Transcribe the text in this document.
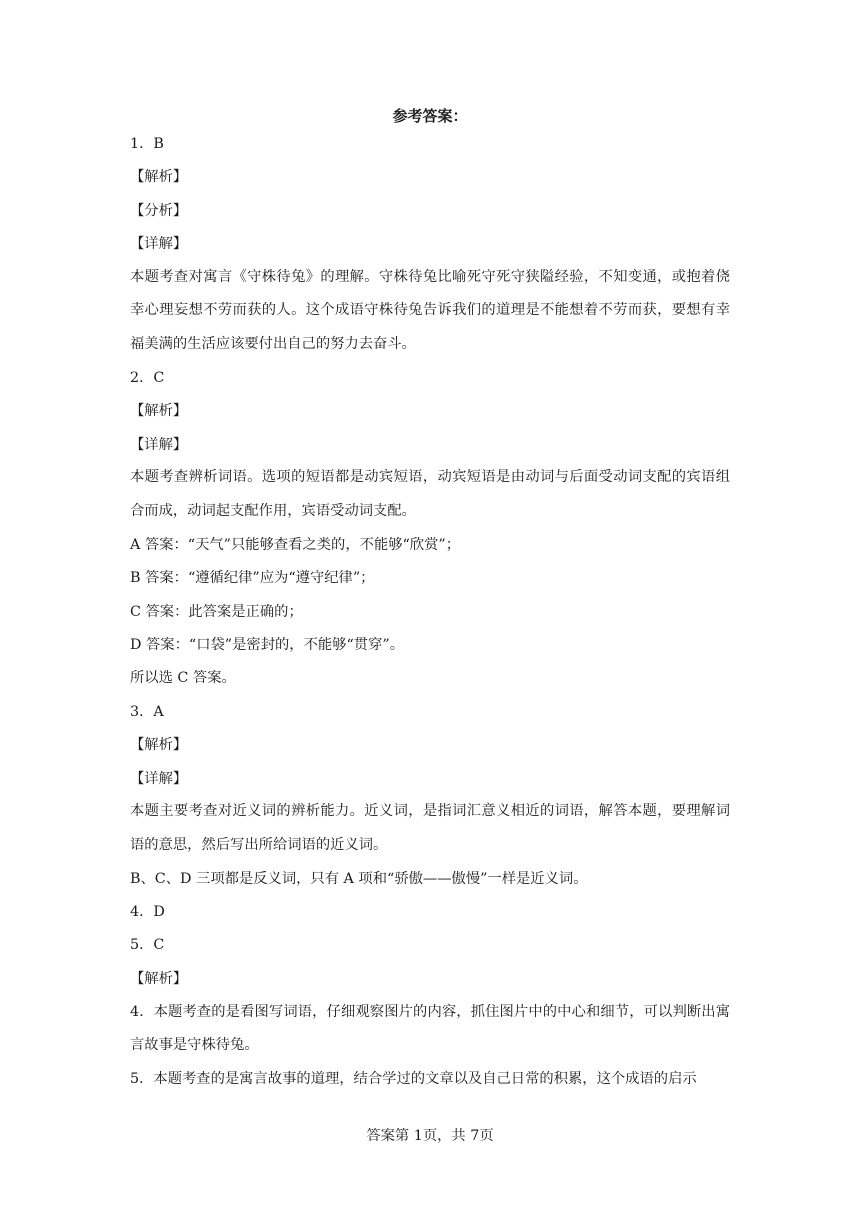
参考答案：
1．B
【解析】
【分析】
【详解】
本题考查对寓言《守株待兔》的理解。守株待兔比喻死守死守狭隘经验，不知变通，或抱着侥幸心理妄想不劳而获的人。这个成语守株待兔告诉我们的道理是不能想着不劳而获，要想有幸福美满的生活应该要付出自己的努力去奋斗。
2．C
【解析】
【详解】
本题考查辨析词语。选项的短语都是动宾短语，动宾短语是由动词与后面受动词支配的宾语组合而成，动词起支配作用，宾语受动词支配。
A 答案：“天气”只能够查看之类的，不能够“欣赏”；
B 答案：“遵循纪律”应为“遵守纪律”；
C 答案：此答案是正确的；
D 答案：“口袋”是密封的，不能够“贯穿”。
所以选 C 答案。
3．A
【解析】
【详解】
本题主要考查对近义词的辨析能力。近义词，是指词汇意义相近的词语，解答本题，要理解词语的意思，然后写出所给词语的近义词。
B、C、D 三项都是反义词，只有 A 项和“骄傲——傲慢”一样是近义词。
4．D
5．C
【解析】
4．本题考查的是看图写词语，仔细观察图片的内容，抓住图片中的中心和细节，可以判断出寓言故事是守株待兔。
5．本题考查的是寓言故事的道理，结合学过的文章以及自己日常的积累，这个成语的启示
答案第 1页，共 7页
